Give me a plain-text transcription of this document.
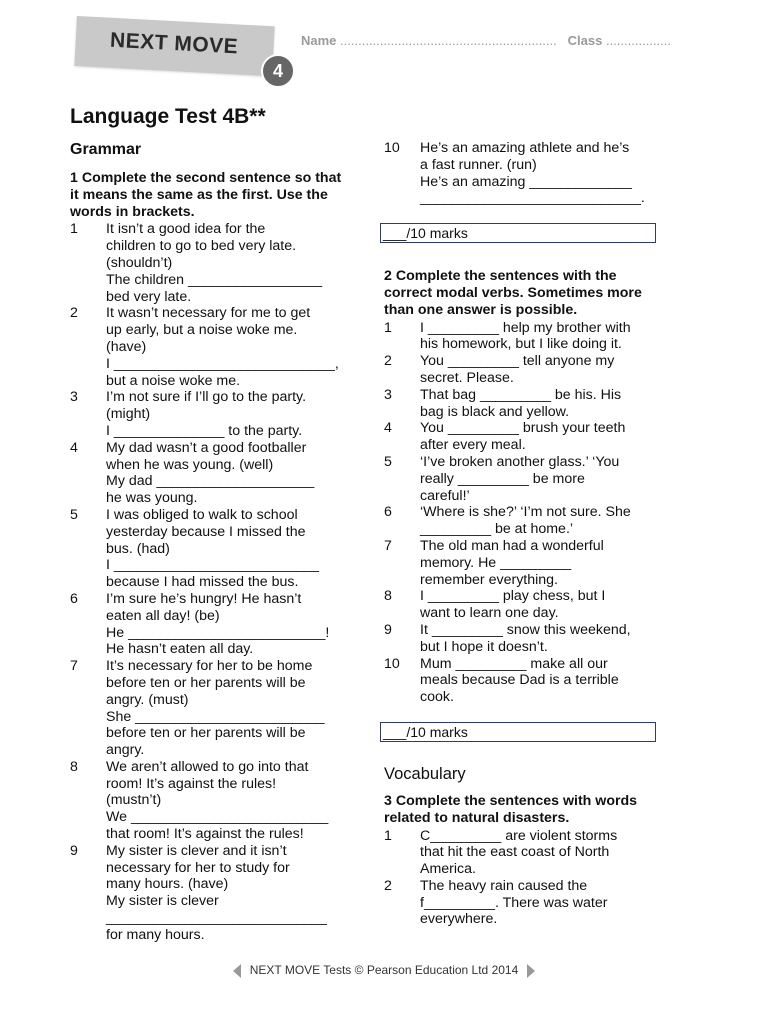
NEXT MOVE
4
Name ............................................................ Class ..................
Language Test 4B**
Grammar
1 Complete the second sentence so that it means the same as the first. Use the words in brackets.
1	It isn’t a good idea for the
children to go to bed very late.
(shouldn’t)
The children _________________
bed very late.
2	It wasn’t necessary for me to get
up early, but a noise woke me.
(have)
I ____________________________,
but a noise woke me.
3	I’m not sure if I’ll go to the party.
(might)
I ______________ to the party.
4	My dad wasn’t a good footballer
when he was young. (well)
My dad ____________________
he was young.
5	I was obliged to walk to school
yesterday because I missed the
bus. (had)
I __________________________
because I had missed the bus.
6	I’m sure he’s hungry! He hasn’t
eaten all day! (be)
He _________________________!
He hasn’t eaten all day.
7	It’s necessary for her to be home
before ten or her parents will be
angry. (must)
She ________________________
before ten or her parents will be
angry.
8	We aren’t allowed to go into that
room! It’s against the rules!
(mustn’t)
We _________________________
that room! It’s against the rules!
9	My sister is clever and it isn’t
necessary for her to study for
many hours. (have)
My sister is clever
____________________________
for many hours.
10	He’s an amazing athlete and he’s
a fast runner. (run)
He’s an amazing _____________
____________________________.
___/10 marks
2 Complete the sentences with the correct modal verbs. Sometimes more than one answer is possible.
1	I _________ help my brother with
his homework, but I like doing it.
2	You _________ tell anyone my
secret. Please.
3	That bag _________ be his. His
bag is black and yellow.
4	You _________ brush your teeth
after every meal.
5	‘I’ve broken another glass.’ ‘You
really _________ be more
careful!’
6	‘Where is she?’ ‘I’m not sure. She
_________ be at home.’
7	The old man had a wonderful
memory. He _________
remember everything.
8	I _________ play chess, but I
want to learn one day.
9	It _________ snow this weekend,
but I hope it doesn’t.
10	Mum _________ make all our
meals because Dad is a terrible
cook.
___/10 marks
Vocabulary
3 Complete the sentences with words related to natural disasters.
1	C_________ are violent storms
that hit the east coast of North
America.
2	The heavy rain caused the
f_________. There was water
everywhere.
NEXT MOVE Tests © Pearson Education Ltd 2014
